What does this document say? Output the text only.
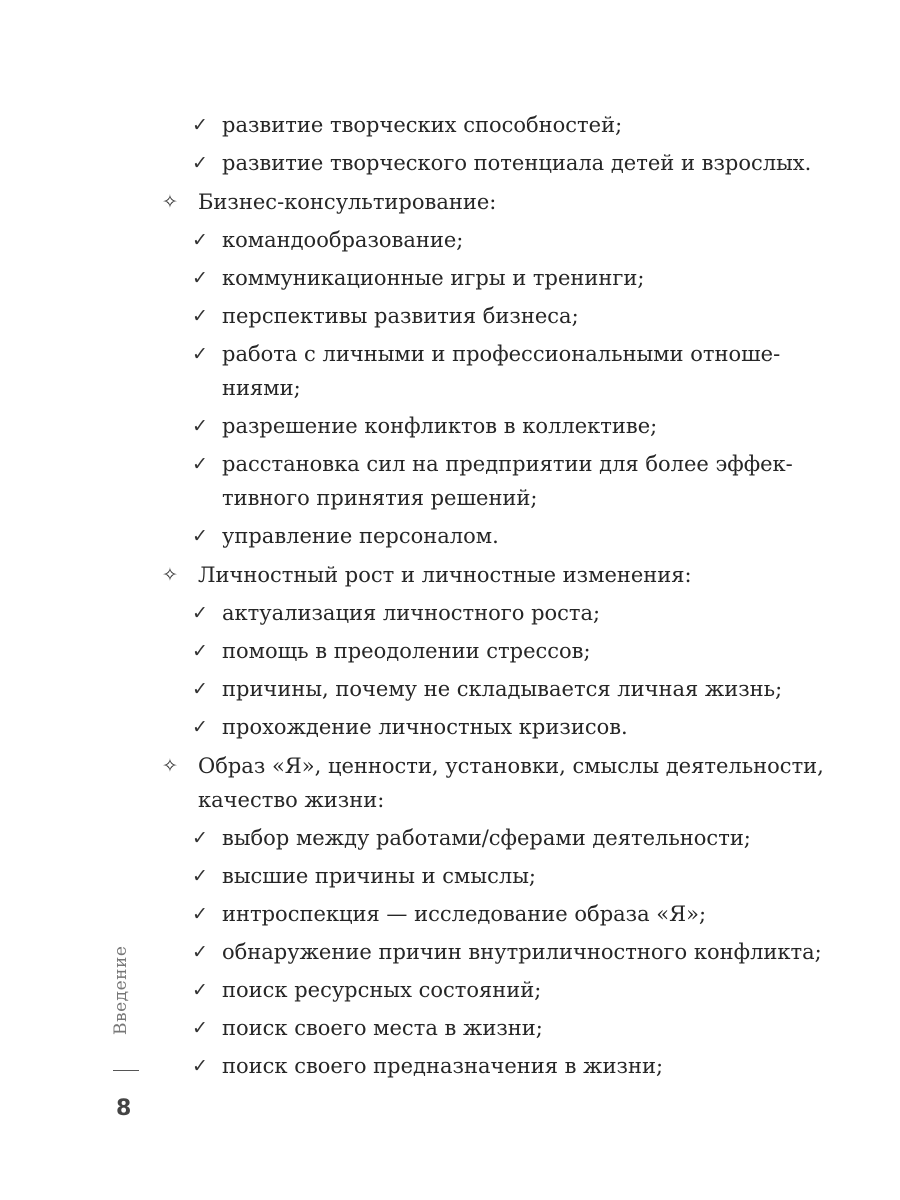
✓ развитие творческих способностей;
✓ развитие творческого потенциала детей и взрослых.
✧ Бизнес-консультирование:
✓ командообразование;
✓ коммуникационные игры и тренинги;
✓ перспективы развития бизнеса;
✓ работа с личными и профессиональными отноше-
ниями;
✓ разрешение конфликтов в коллективе;
✓ расстановка сил на предприятии для более эффек-
тивного принятия решений;
✓ управление персоналом.
✧ Личностный рост и личностные изменения:
✓ актуализация личностного роста;
✓ помощь в преодолении стрессов;
✓ причины, почему не складывается личная жизнь;
✓ прохождение личностных кризисов.
✧ Образ «Я», ценности, установки, смыслы деятельности,
качество жизни:
✓ выбор между работами/сферами деятельности;
✓ высшие причины и смыслы;
✓ интроспекция — исследование образа «Я»;
✓ обнаружение причин внутриличностного конфликта;
✓ поиск ресурсных состояний;
✓ поиск своего места в жизни;
✓ поиск своего предназначения в жизни;
Введение
8
